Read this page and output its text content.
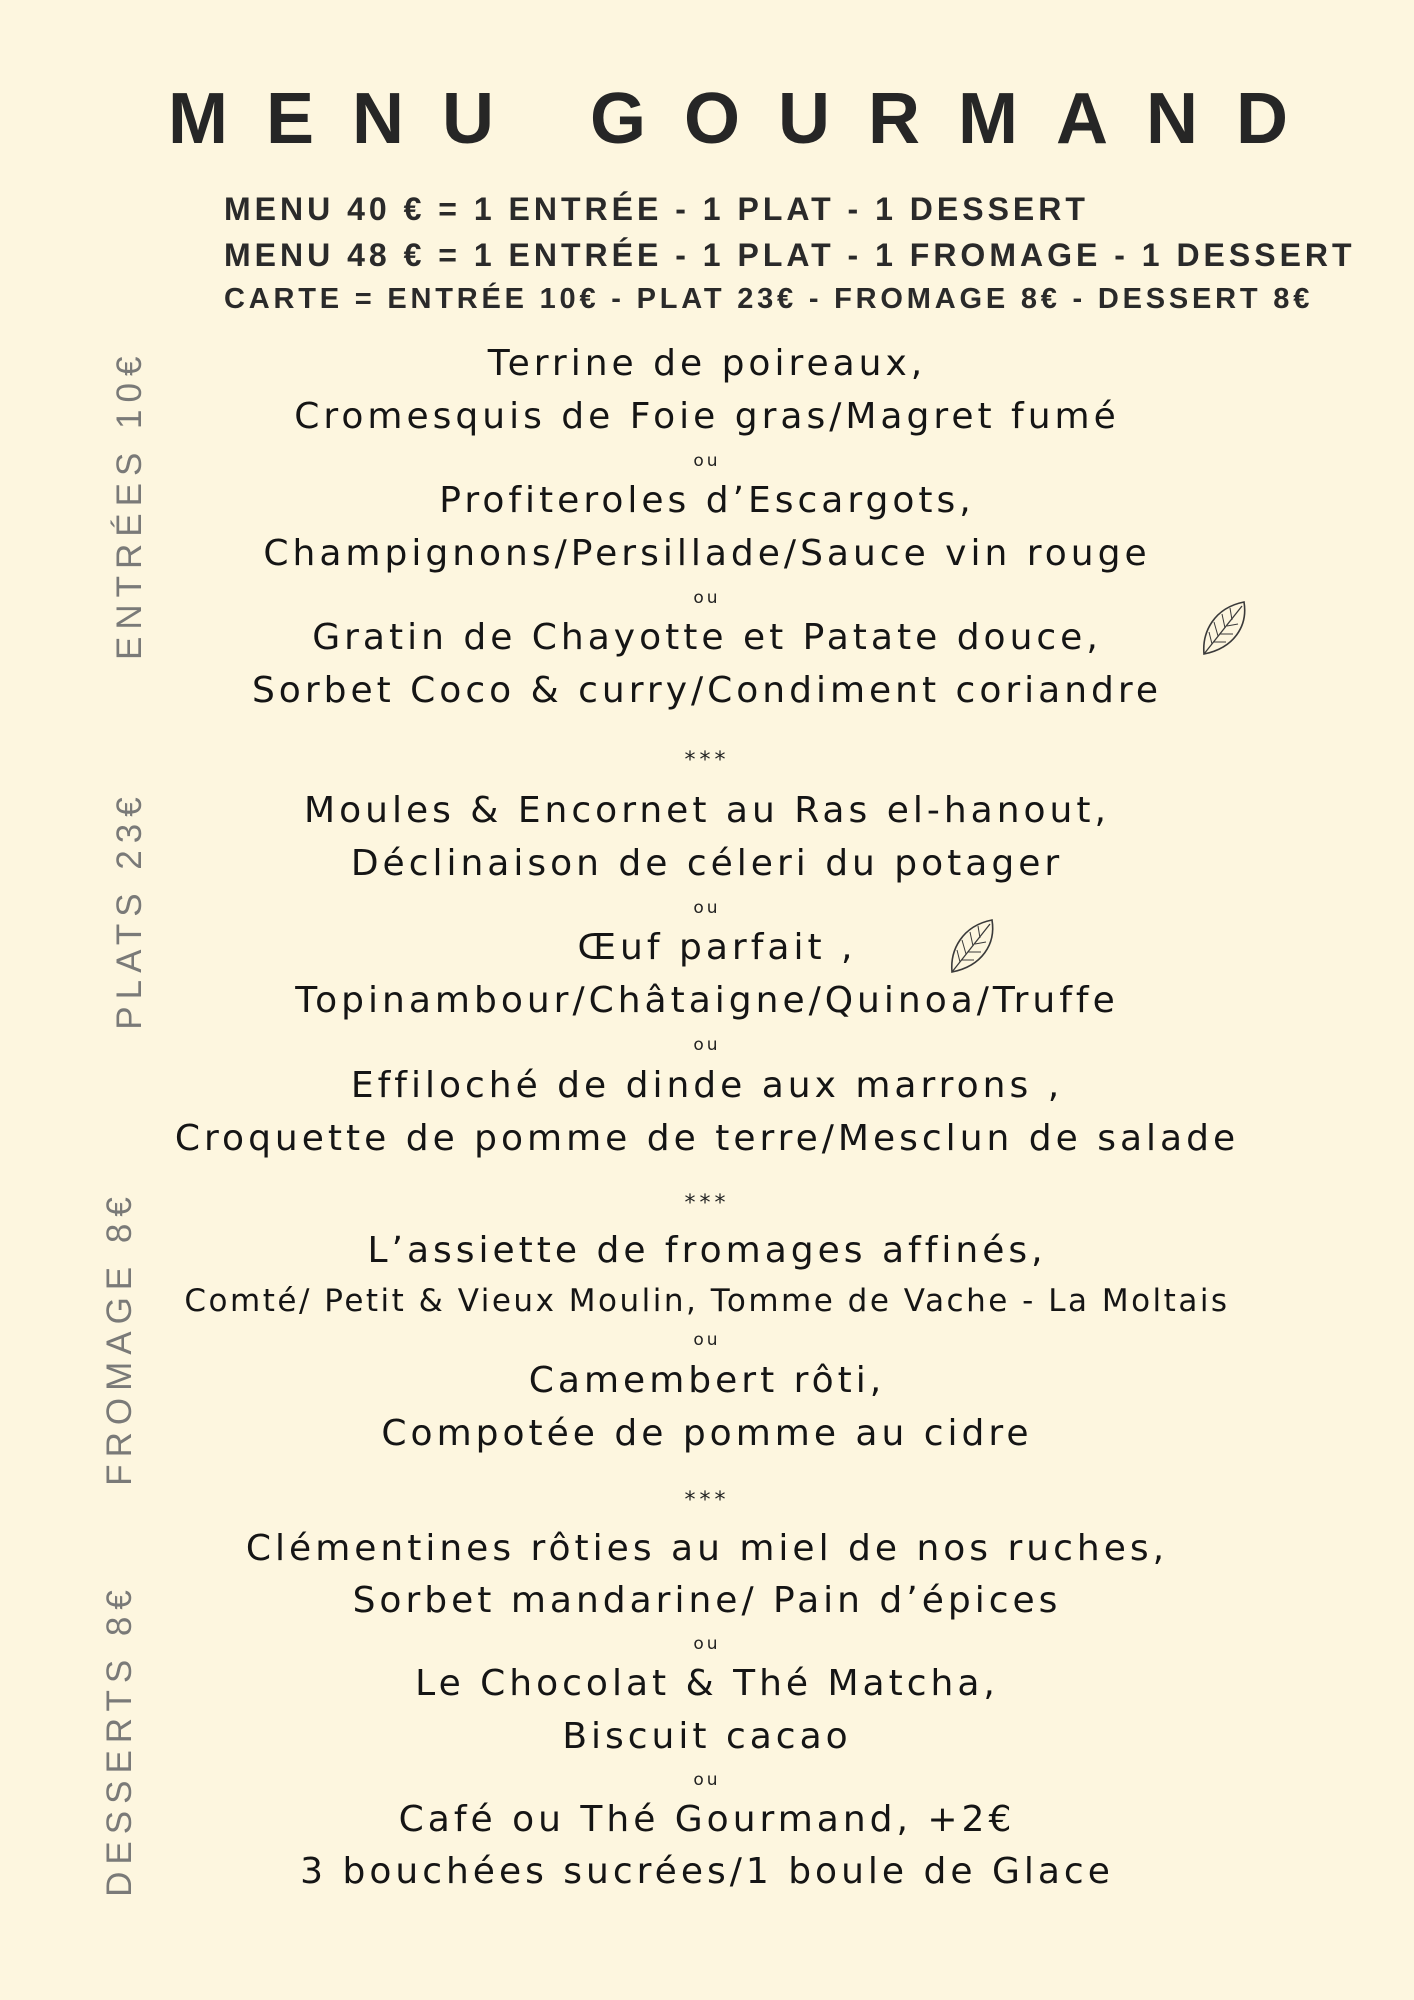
MENU GOURMAND
MENU 40 € = 1 ENTRÉE - 1 PLAT - 1 DESSERT
MENU 48 € = 1 ENTRÉE - 1 PLAT - 1 FROMAGE - 1 DESSERT
CARTE = ENTRÉE 10€ - PLAT 23€ - FROMAGE 8€ - DESSERT 8€
ENTRÉES 10€
PLATS 23€
FROMAGE 8€
DESSERTS 8€
Terrine de poireaux,
Cromesquis de Foie gras/Magret fumé
ou
Profiteroles d’Escargots,
Champignons/Persillade/Sauce vin rouge
ou
Gratin de Chayotte et Patate douce,
Sorbet Coco & curry/Condiment coriandre
***
Moules & Encornet au Ras el-hanout,
Déclinaison de céleri du potager
ou
Œuf parfait ,
Topinambour/Châtaigne/Quinoa/Truffe
ou
Effiloché de dinde aux marrons ,
Croquette de pomme de terre/Mesclun de salade
***
L’assiette de fromages affinés,
Comté/ Petit & Vieux Moulin, Tomme de Vache - La Moltais
ou
Camembert rôti,
Compotée de pomme au cidre
***
Clémentines rôties au miel de nos ruches,
Sorbet mandarine/ Pain d’épices
ou
Le Chocolat & Thé Matcha,
Biscuit cacao
ou
Café ou Thé Gourmand, +2€
3 bouchées sucrées/1 boule de Glace
